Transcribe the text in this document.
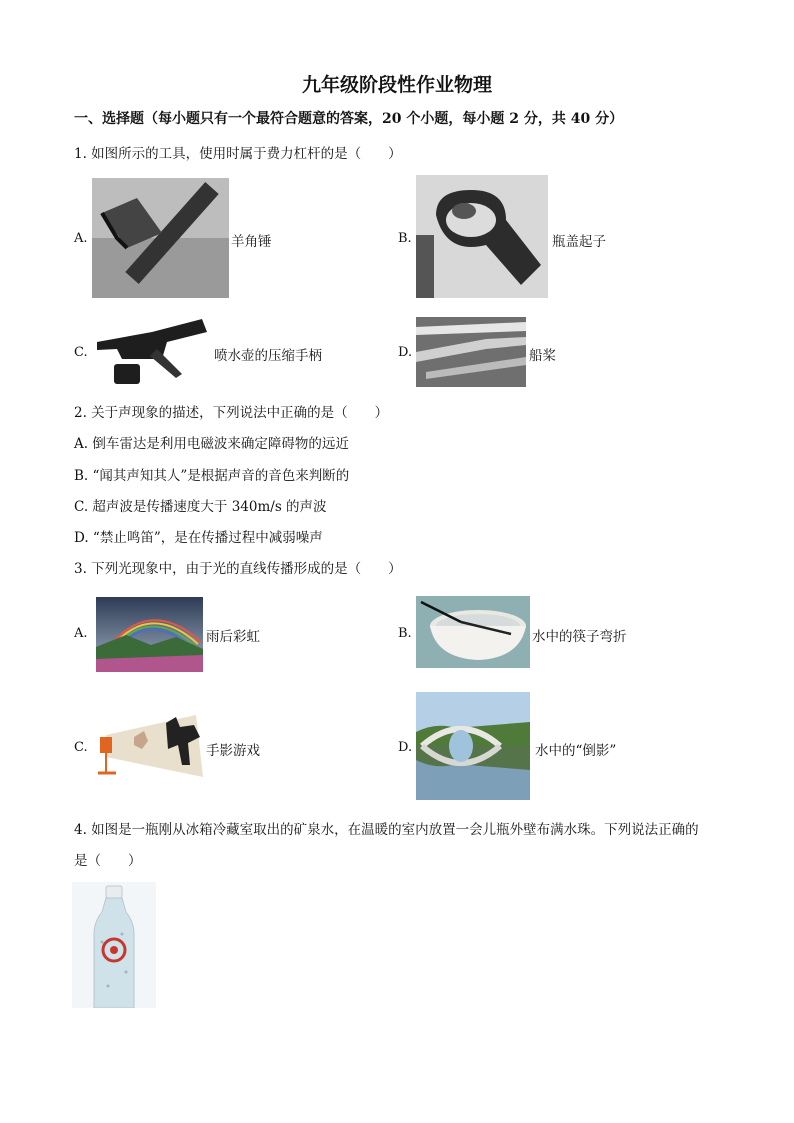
九年级阶段性作业物理
一、选择题（每小题只有一个最符合题意的答案，20 个小题，每小题 2 分，共 40 分）
1. 如图所示的工具，使用时属于费力杠杆的是（　　）
A.	羊角锤	B.	瓶盖起子
C.	喷水壶的压缩手柄	D.	船桨
2. 关于声现象的描述，下列说法中正确的是（　　）
A. 倒车雷达是利用电磁波来确定障碍物的远近
B. “闻其声知其人”是根据声音的音色来判断的
C. 超声波是传播速度大于 340m/s 的声波
D. “禁止鸣笛”，是在传播过程中减弱噪声
3. 下列光现象中，由于光的直线传播形成的是（　　）
A.	雨后彩虹	B.	水中的筷子弯折
C.	手影游戏	D.	水中的“倒影”
4. 如图是一瓶刚从冰箱冷藏室取出的矿泉水，在温暖的室内放置一会儿瓶外壁布满水珠。下列说法正确的
是（　　）
